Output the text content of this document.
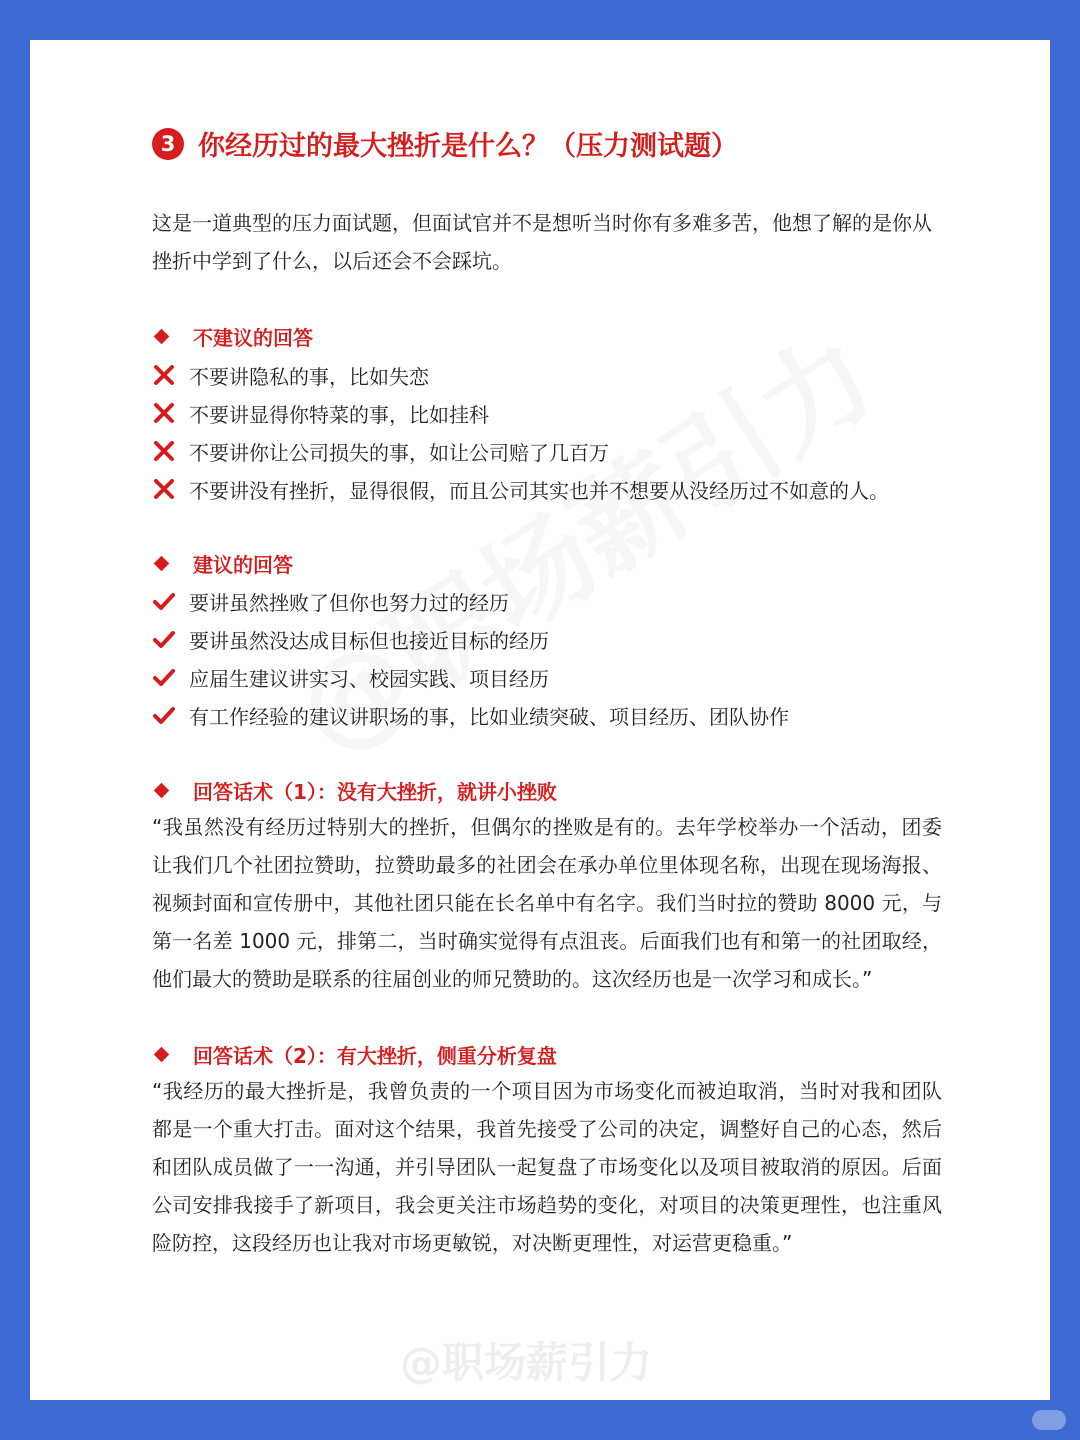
3 你经历过的最大挫折是什么？（压力测试题）
这是一道典型的压力面试题，但面试官并不是想听当时你有多难多苦，他想了解的是你从挫折中学到了什么，以后还会不会踩坑。
不建议的回答
不要讲隐私的事，比如失恋
不要讲显得你特菜的事，比如挂科
不要讲你让公司损失的事，如让公司赔了几百万
不要讲没有挫折，显得很假，而且公司其实也并不想要从没经历过不如意的人。
建议的回答
要讲虽然挫败了但你也努力过的经历
要讲虽然没达成目标但也接近目标的经历
应届生建议讲实习、校园实践、项目经历
有工作经验的建议讲职场的事，比如业绩突破、项目经历、团队协作
回答话术（1）：没有大挫折，就讲小挫败
“我虽然没有经历过特别大的挫折，但偶尔的挫败是有的。去年学校举办一个活动，团委让我们几个社团拉赞助，拉赞助最多的社团会在承办单位里体现名称，出现在现场海报、视频封面和宣传册中，其他社团只能在长名单中有名字。我们当时拉的赞助 8000 元，与第一名差 1000 元，排第二，当时确实觉得有点沮丧。后面我们也有和第一的社团取经，他们最大的赞助是联系的往届创业的师兄赞助的。这次经历也是一次学习和成长。”
回答话术（2）：有大挫折，侧重分析复盘
“我经历的最大挫折是，我曾负责的一个项目因为市场变化而被迫取消，当时对我和团队都是一个重大打击。面对这个结果，我首先接受了公司的决定，调整好自己的心态，然后和团队成员做了一一沟通，并引导团队一起复盘了市场变化以及项目被取消的原因。后面公司安排我接手了新项目，我会更关注市场趋势的变化，对项目的决策更理性，也注重风险防控，这段经历也让我对市场更敏锐，对决断更理性，对运营更稳重。”
@职场薪引力
